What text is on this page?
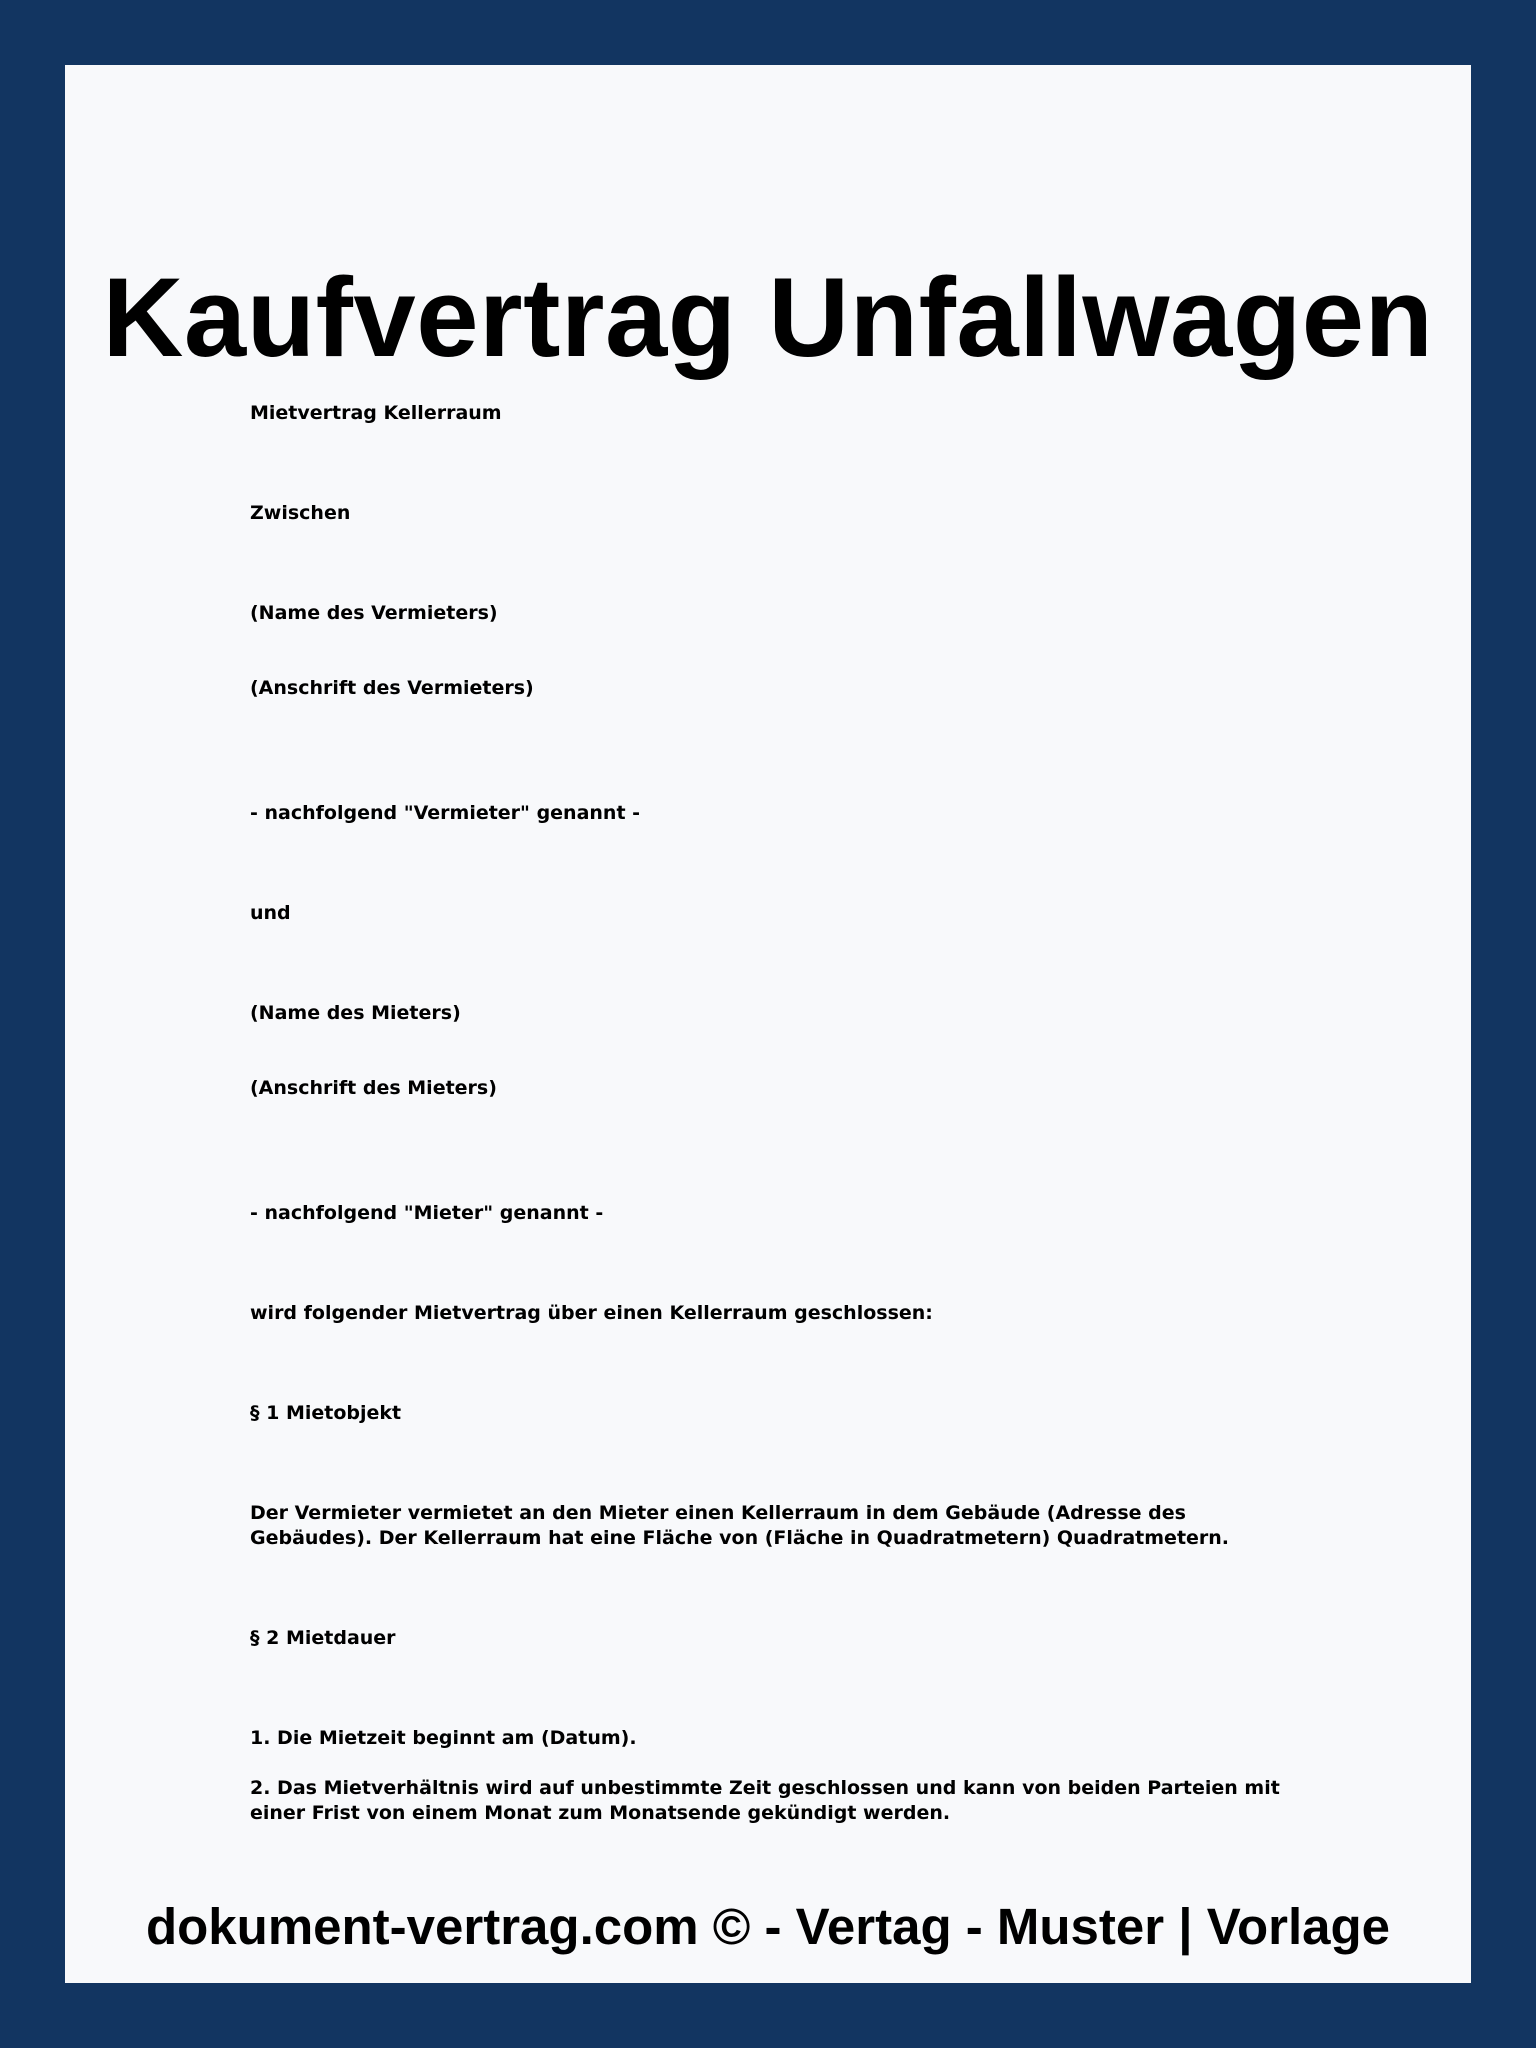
Kaufvertrag Unfallwagen

Mietvertrag Kellerraum

Zwischen

(Name des Vermieters)

(Anschrift des Vermieters)

- nachfolgend "Vermieter" genannt -

und

(Name des Mieters)

(Anschrift des Mieters)

- nachfolgend "Mieter" genannt -

wird folgender Mietvertrag über einen Kellerraum geschlossen:

§ 1 Mietobjekt

Der Vermieter vermietet an den Mieter einen Kellerraum in dem Gebäude (Adresse des Gebäudes). Der Kellerraum hat eine Fläche von (Fläche in Quadratmetern) Quadratmetern.

§ 2 Mietdauer

1. Die Mietzeit beginnt am (Datum).

2. Das Mietverhältnis wird auf unbestimmte Zeit geschlossen und kann von beiden Parteien mit einer Frist von einem Monat zum Monatsende gekündigt werden.

dokument-vertrag.com © - Vertag - Muster | Vorlage
